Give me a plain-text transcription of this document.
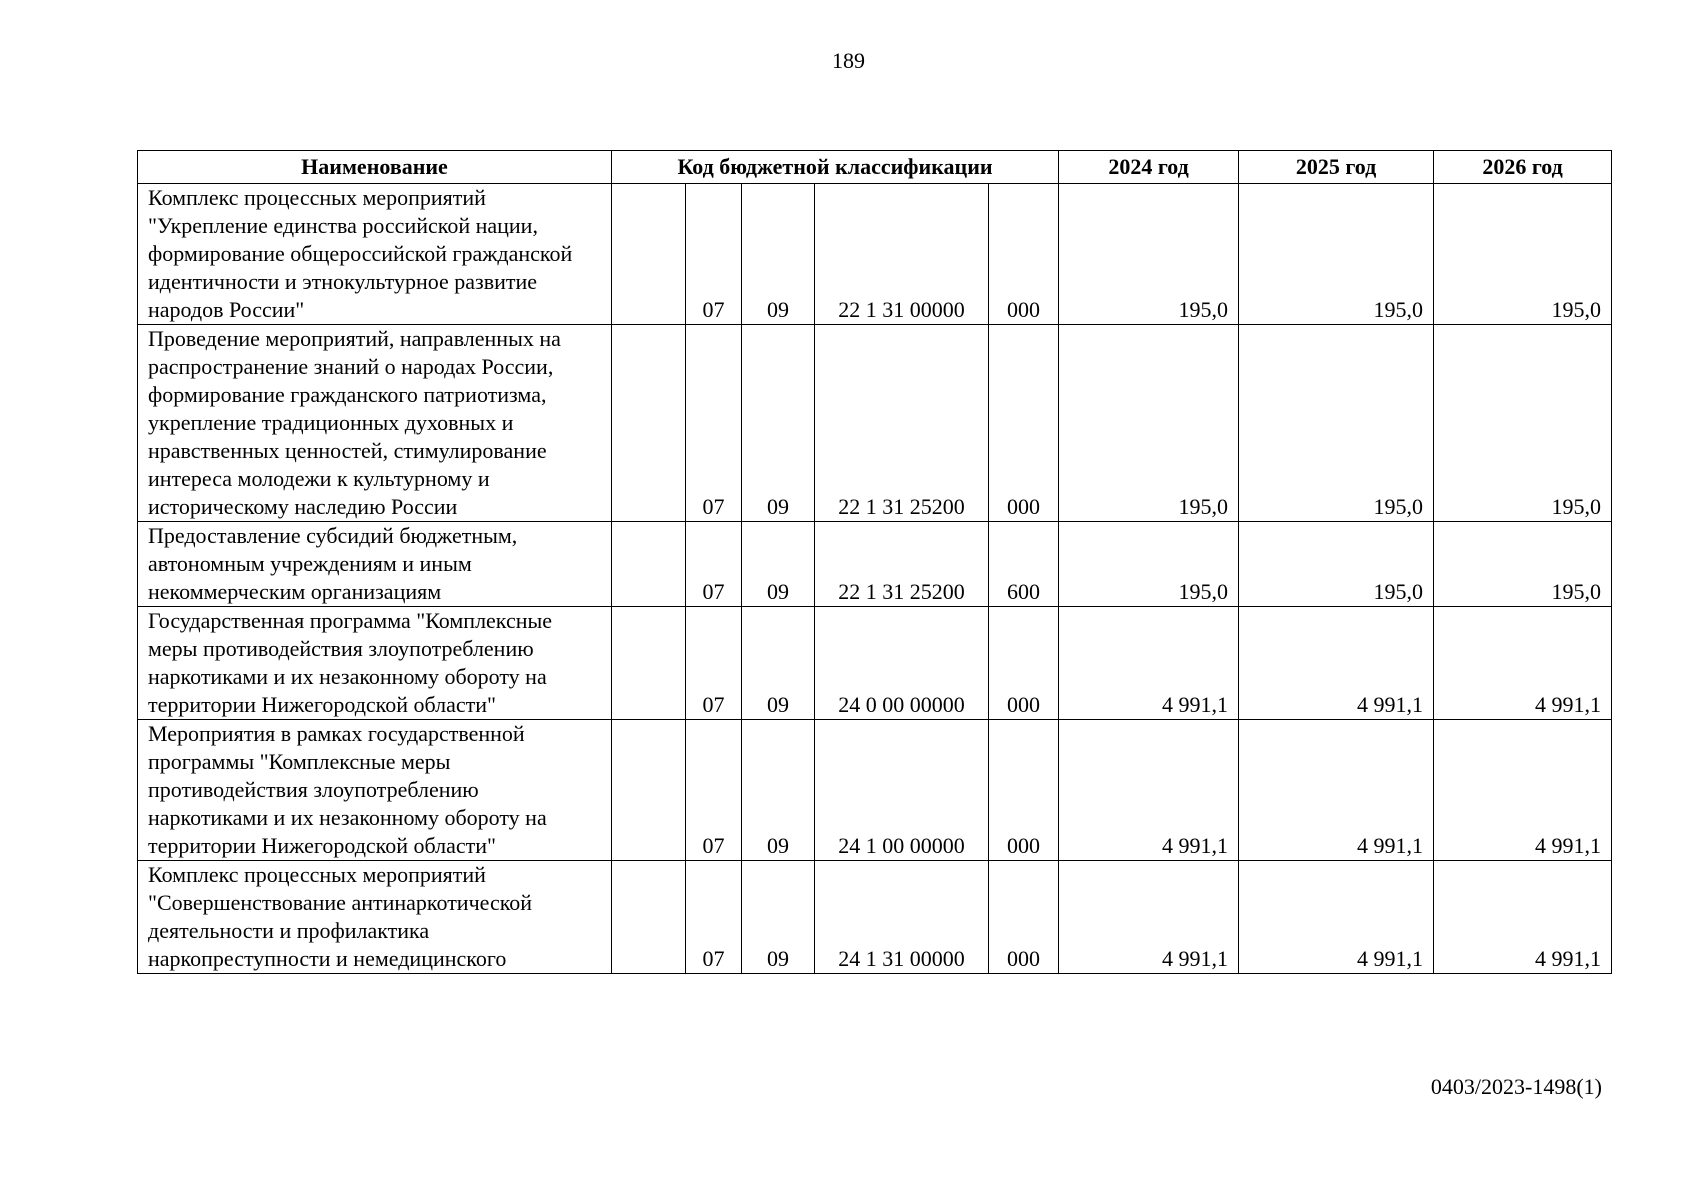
189
Наименование	Код бюджетной классификации					2024 год	2025 год	2026 год
Комплекс процессных мероприятий "Укрепление единства российской нации, формирование общероссийской гражданской идентичности и этнокультурное развитие народов России"		07	09	22 1 31 00000	000	195,0	195,0	195,0
Проведение мероприятий, направленных на распространение знаний о народах России, формирование гражданского патриотизма, укрепление традиционных духовных и нравственных ценностей, стимулирование интереса молодежи к культурному и историческому наследию России		07	09	22 1 31 25200	000	195,0	195,0	195,0
Предоставление субсидий бюджетным, автономным учреждениям и иным некоммерческим организациям		07	09	22 1 31 25200	600	195,0	195,0	195,0
Государственная программа "Комплексные меры противодействия злоупотреблению наркотиками и их незаконному обороту на территории Нижегородской области"		07	09	24 0 00 00000	000	4 991,1	4 991,1	4 991,1
Мероприятия в рамках государственной программы "Комплексные меры противодействия злоупотреблению наркотиками и их незаконному обороту на территории Нижегородской области"		07	09	24 1 00 00000	000	4 991,1	4 991,1	4 991,1
Комплекс процессных мероприятий "Совершенствование антинаркотической деятельности и профилактика наркопреступности и немедицинского		07	09	24 1 31 00000	000	4 991,1	4 991,1	4 991,1
0403/2023-1498(1)
